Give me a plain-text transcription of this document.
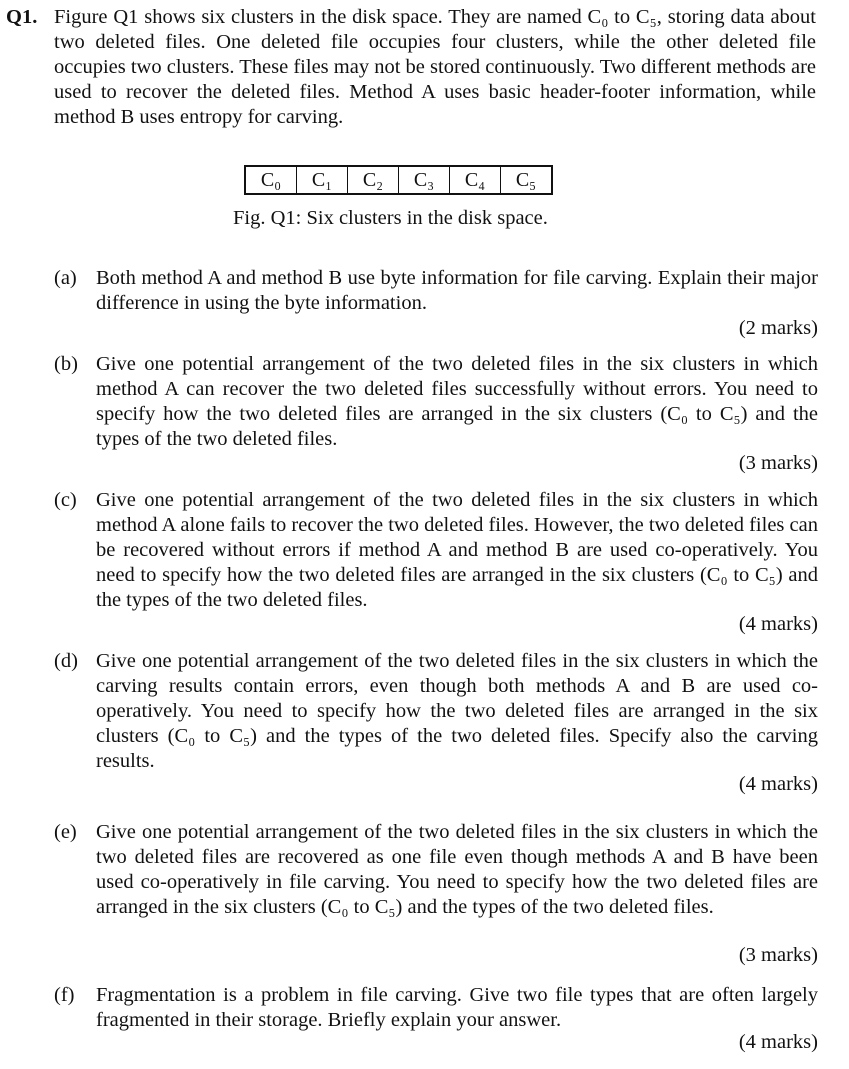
Q1. Figure Q1 shows six clusters in the disk space. They are named C₀ to C₅, storing data about two deleted files. One deleted file occupies four clusters, while the other deleted file occupies two clusters. These files may not be stored continuously. Two different methods are used to recover the deleted files. Method A uses basic header-footer information, while method B uses entropy for carving.
C₀	C₁	C₂	C₃	C₄	C₅
Fig. Q1: Six clusters in the disk space.
(a) Both method A and method B use byte information for file carving. Explain their major difference in using the byte information.
(2 marks)
(b) Give one potential arrangement of the two deleted files in the six clusters in which method A can recover the two deleted files successfully without errors. You need to specify how the two deleted files are arranged in the six clusters (C₀ to C₅) and the types of the two deleted files.
(3 marks)
(c) Give one potential arrangement of the two deleted files in the six clusters in which method A alone fails to recover the two deleted files. However, the two deleted files can be recovered without errors if method A and method B are used co-operatively. You need to specify how the two deleted files are arranged in the six clusters (C₀ to C₅) and the types of the two deleted files.
(4 marks)
(d) Give one potential arrangement of the two deleted files in the six clusters in which the carving results contain errors, even though both methods A and B are used co-operatively. You need to specify how the two deleted files are arranged in the six clusters (C₀ to C₅) and the types of the two deleted files. Specify also the carving results.
(4 marks)
(e) Give one potential arrangement of the two deleted files in the six clusters in which the two deleted files are recovered as one file even though methods A and B have been used co-operatively in file carving. You need to specify how the two deleted files are arranged in the six clusters (C₀ to C₅) and the types of the two deleted files.
(3 marks)
(f) Fragmentation is a problem in file carving. Give two file types that are often largely fragmented in their storage. Briefly explain your answer.
(4 marks)
